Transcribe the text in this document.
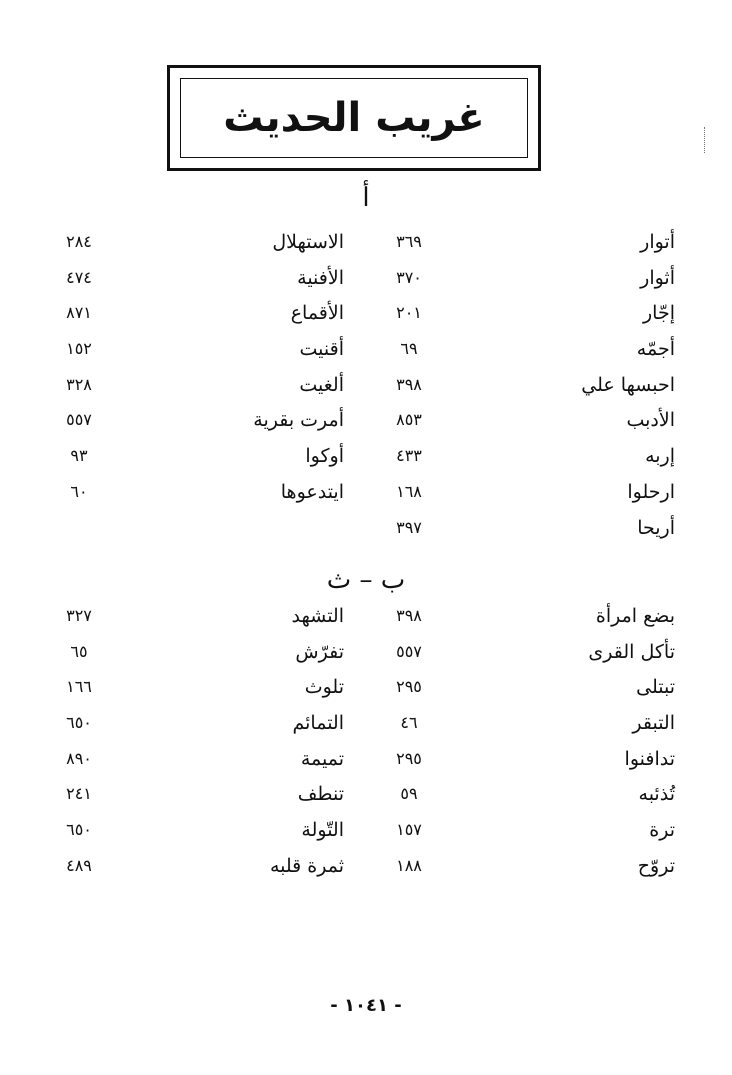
غريب الحديث
أ
أتوار
٣٦٩
الاستهلال
٢٨٤
أثوار
٣٧٠
الأفنية
٤٧٤
إجّار
٢٠١
الأقماع
٨٧١
أجمّه
٦٩
أقنيت
١٥٢
احبسها علي
٣٩٨
ألغيت
٣٢٨
الأدبب
٨٥٣
أمرت بقرية
٥٥٧
إربه
٤٣٣
أوكوا
٩٣
ارحلوا
١٦٨
ايتدعوها
٦٠
أريحا
٣٩٧
ب – ث
بضع امرأة
٣٩٨
التشهد
٣٢٧
تأكل القرى
٥٥٧
تفرّش
٦٥
تبتلى
٢٩٥
تلوث
١٦٦
التبقر
٤٦
التمائم
٦٥٠
تدافنوا
٢٩٥
تميمة
٨٩٠
تُذئبه
٥٩
تنطف
٢٤١
ترة
١٥٧
التّولة
٦٥٠
تروّح
١٨٨
ثمرة قلبه
٤٨٩
- ١٠٤١ -
